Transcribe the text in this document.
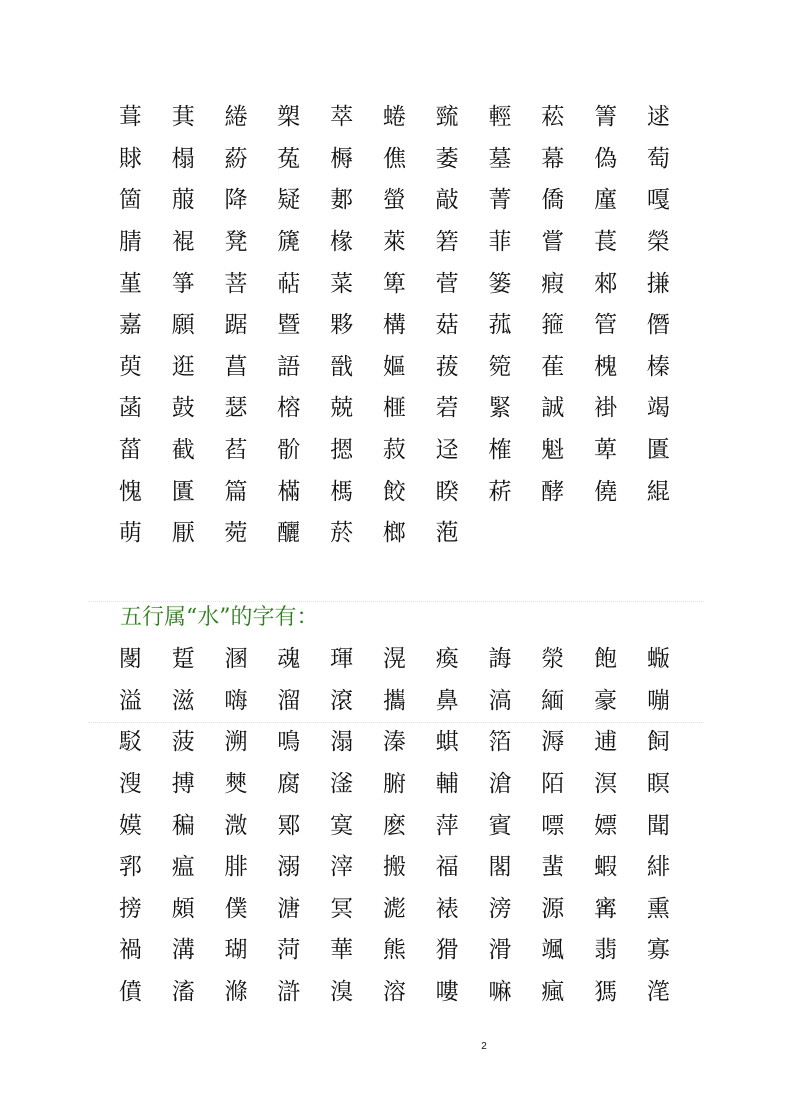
葺	萁	綣	槊	萃	蜷	巰	輕	菘	箐	逑
賕	榻	蒶	菟	槈	僬	萎	墓	幕	偽	萄
箇	菔	降	疑	郪	螢	敲	菁	僑	廑	嘎
腈	裩	凳	篪	椽	萊	箬	菲	嘗	萇	榮
堇	箏	菩	萜	菜	箄	菅	篓	瘕	郲	搛
嘉	願	踞	暨	夥	構	菇	菰	箍	管	僭
萸	逛	菖	語	戩	嫗	菝	箢	萑	槐	榛
菡	鼓	瑟	榕	兢	榧	菪	緊	誠	褂	竭
菑	截	萏	骱	摁	菽	迳	榷	魁	萆	匱
愧	匱	篇	樠	榪	餃	睽	菥	酵	僥	緄
萌	厭	菀	釃	菸	榔	萢
五行属“水”的字有：
閿	踅	溷	魂	琿	滉	瘓	誨	滎	飽	蝂
溢	滋	嗨	溜	滾	攜	鼻	滈	緬	豪	嘣
駁	菠	溯	鳴	溻	溱	蜞	箔	溽	逋	飼
溲	搏	僰	腐	滏	腑	輔	滄	陌	溟	瞑
嫫	稨	溦	鄍	寞	麽	萍	賓	嘌	嫖	聞
郛	瘟	腓	溺	滓	搬	福	閣	蜚	蝦	緋
搒	頗	僕	溏	冥	滮	裱	滂	源	寗	熏
禍	溝	瑚	菏	華	熊	猾	滑	颯	翡	寡
僨	滀	滌	滸	溴	溶	嘍	嘛	瘋	獁	滗
2
